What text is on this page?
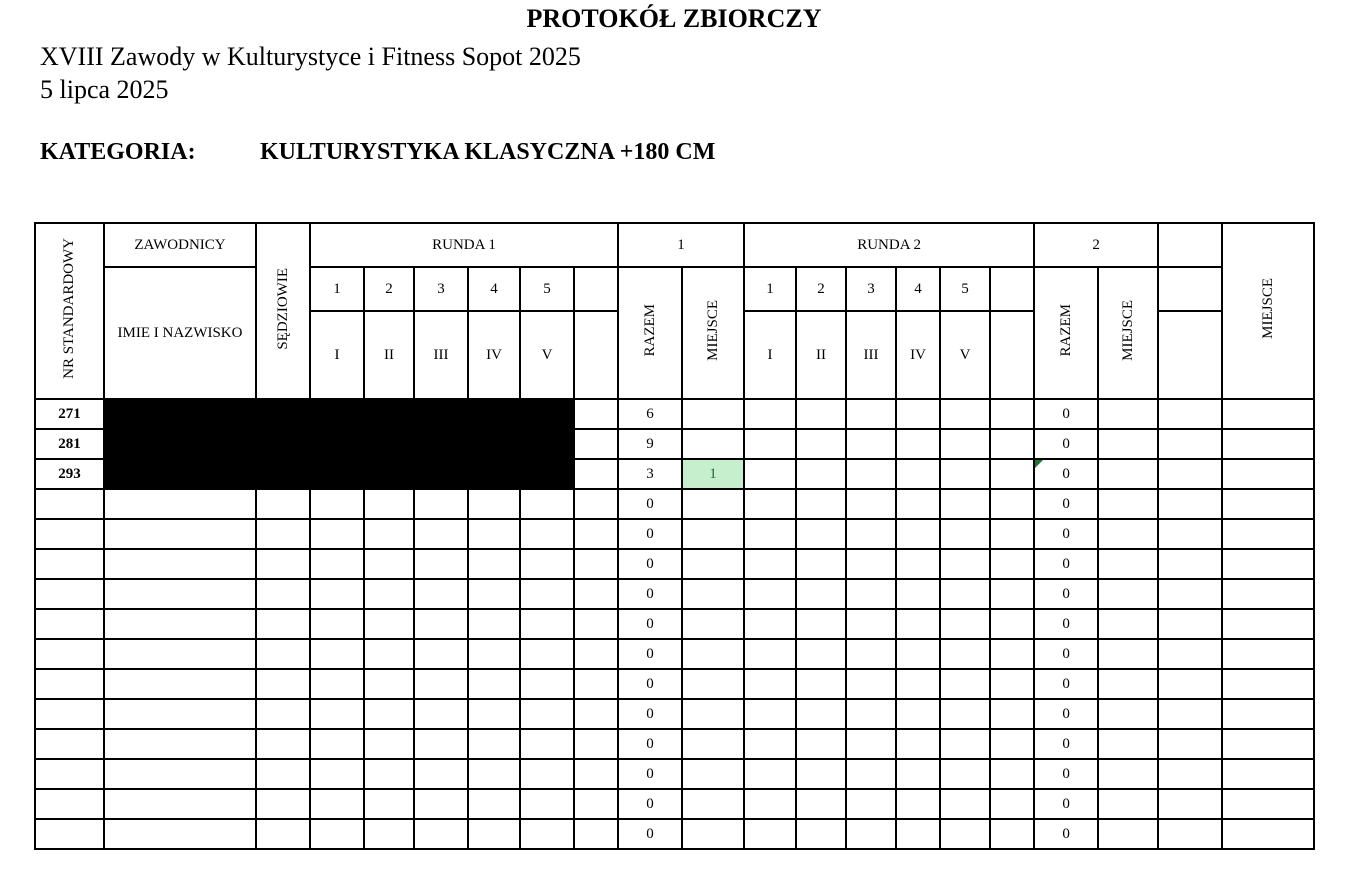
PROTOKÓŁ ZBIORCZY
XVIII Zawody w Kulturystyce i Fitness Sopot 2025
5 lipca 2025
KATEGORIA:	KULTURYSTYKA KLASYCZNA +180 CM
NR STANDARDOWY	ZAWODNICY	SĘDZIOWIE	RUNDA 1						1		RUNDA 2						2			MIEJSCE
	IMIE I NAZWISKO		1	2	3	4	5		RAZEM	MIEJSCE	1	2	3	4	5		RAZEM	MIEJSCE		
			I	II	III	IV	V				I	II	III	IV	V					
271									6								0			
281									9								0			
293									3	1							0			
									0								0			
									0								0			
									0								0			
									0								0			
									0								0			
									0								0			
									0								0			
									0								0			
									0								0			
									0								0			
									0								0			
									0								0			
